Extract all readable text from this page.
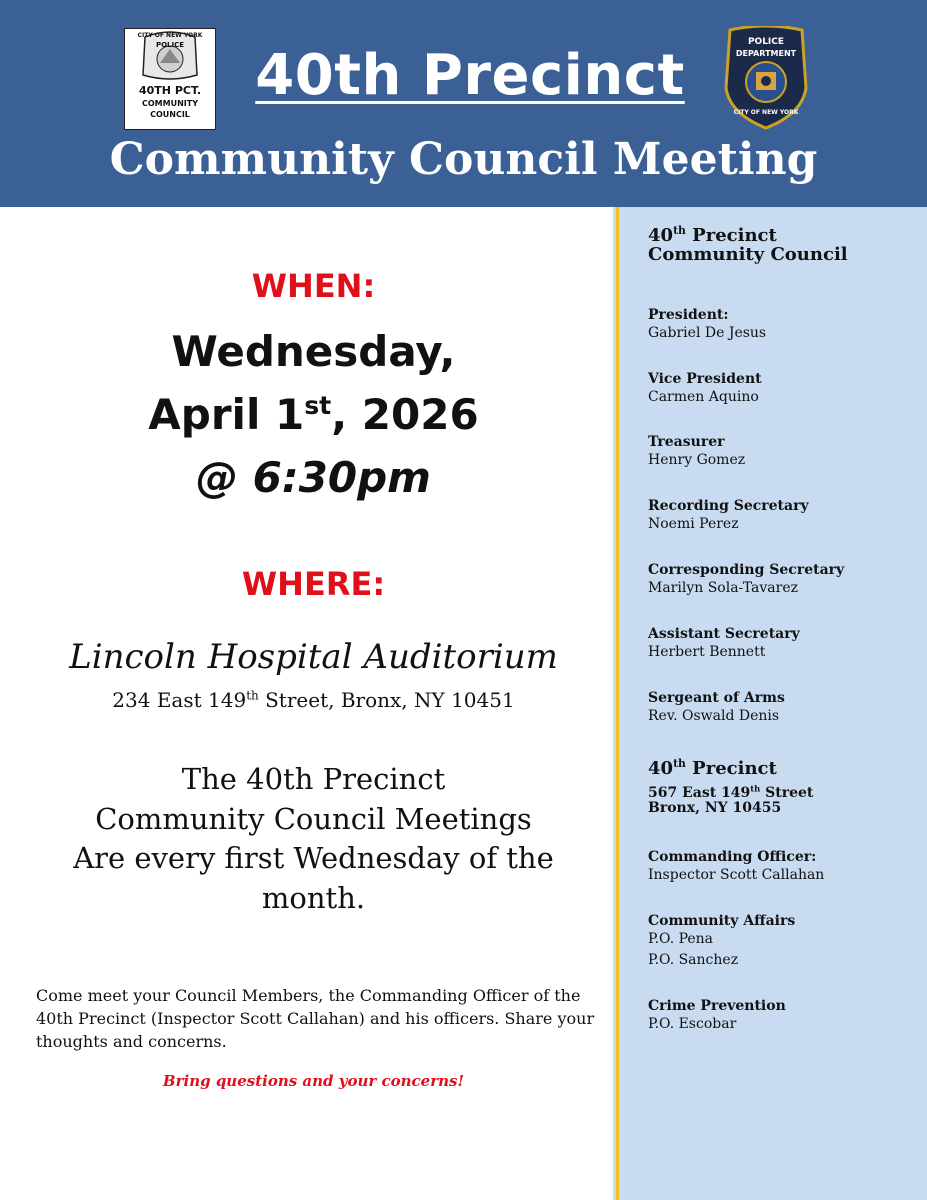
CITY OF NEW YORK
POLICE
40TH PCT.
COMMUNITY
COUNCIL
40th Precinct
POLICE
DEPARTMENT
CITY OF NEW YORK
Community Council Meeting
40th Precinct
Community Council
President:
Gabriel De Jesus
Vice President
Carmen Aquino
Treasurer
Henry Gomez
Recording Secretary
Noemi Perez
Corresponding Secretary
Marilyn Sola-Tavarez
Assistant Secretary
Herbert Bennett
Sergeant of Arms
Rev. Oswald Denis
40th Precinct
567 East 149th Street
Bronx, NY 10455
Commanding Officer:
Inspector Scott Callahan
Community Affairs
P.O. Pena
P.O. Sanchez
Crime Prevention
P.O. Escobar
WHEN:
Wednesday,
April 1st, 2026
@ 6:30pm
WHERE:
Lincoln Hospital Auditorium
234 East 149th Street, Bronx, NY 10451
The 40th Precinct
Community Council Meetings
Are every first Wednesday of the
month.
Come meet your Council Members, the Commanding Officer of the 40th Precinct (Inspector Scott Callahan) and his officers. Share your thoughts and concerns.
Bring questions and your concerns!
